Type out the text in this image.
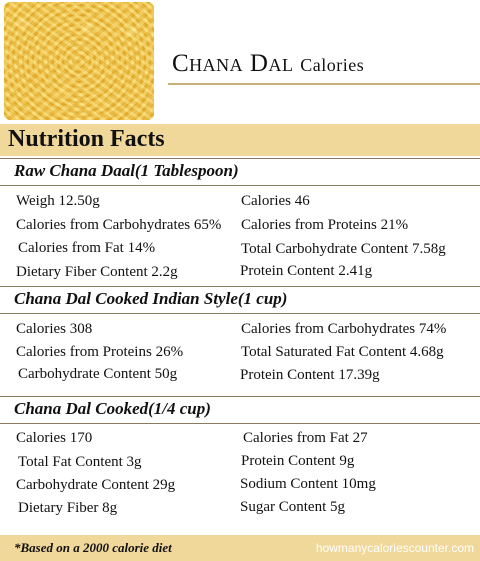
Chana Dal Calories
Nutrition Facts
Raw Chana Daal(1 Tablespoon)
Weigh 12.50g
Calories from Carbohydrates 65%
Calories from Fat 14%
Dietary Fiber Content 2.2g
Calories 46
Calories from Proteins 21%
Total Carbohydrate Content 7.58g
Protein Content 2.41g
Chana Dal Cooked Indian Style(1 cup)
Calories 308
Calories from Proteins 26%
Carbohydrate Content 50g
Calories from Carbohydrates 74%
Total Saturated Fat Content 4.68g
Protein Content 17.39g
Chana Dal Cooked(1/4 cup)
Calories 170
Total Fat Content 3g
Carbohydrate Content 29g
Dietary Fiber 8g
Calories from Fat 27
Protein Content 9g
Sodium Content 10mg
Sugar Content 5g
*Based on a 2000 calorie diet	howmanycaloriescounter.com
